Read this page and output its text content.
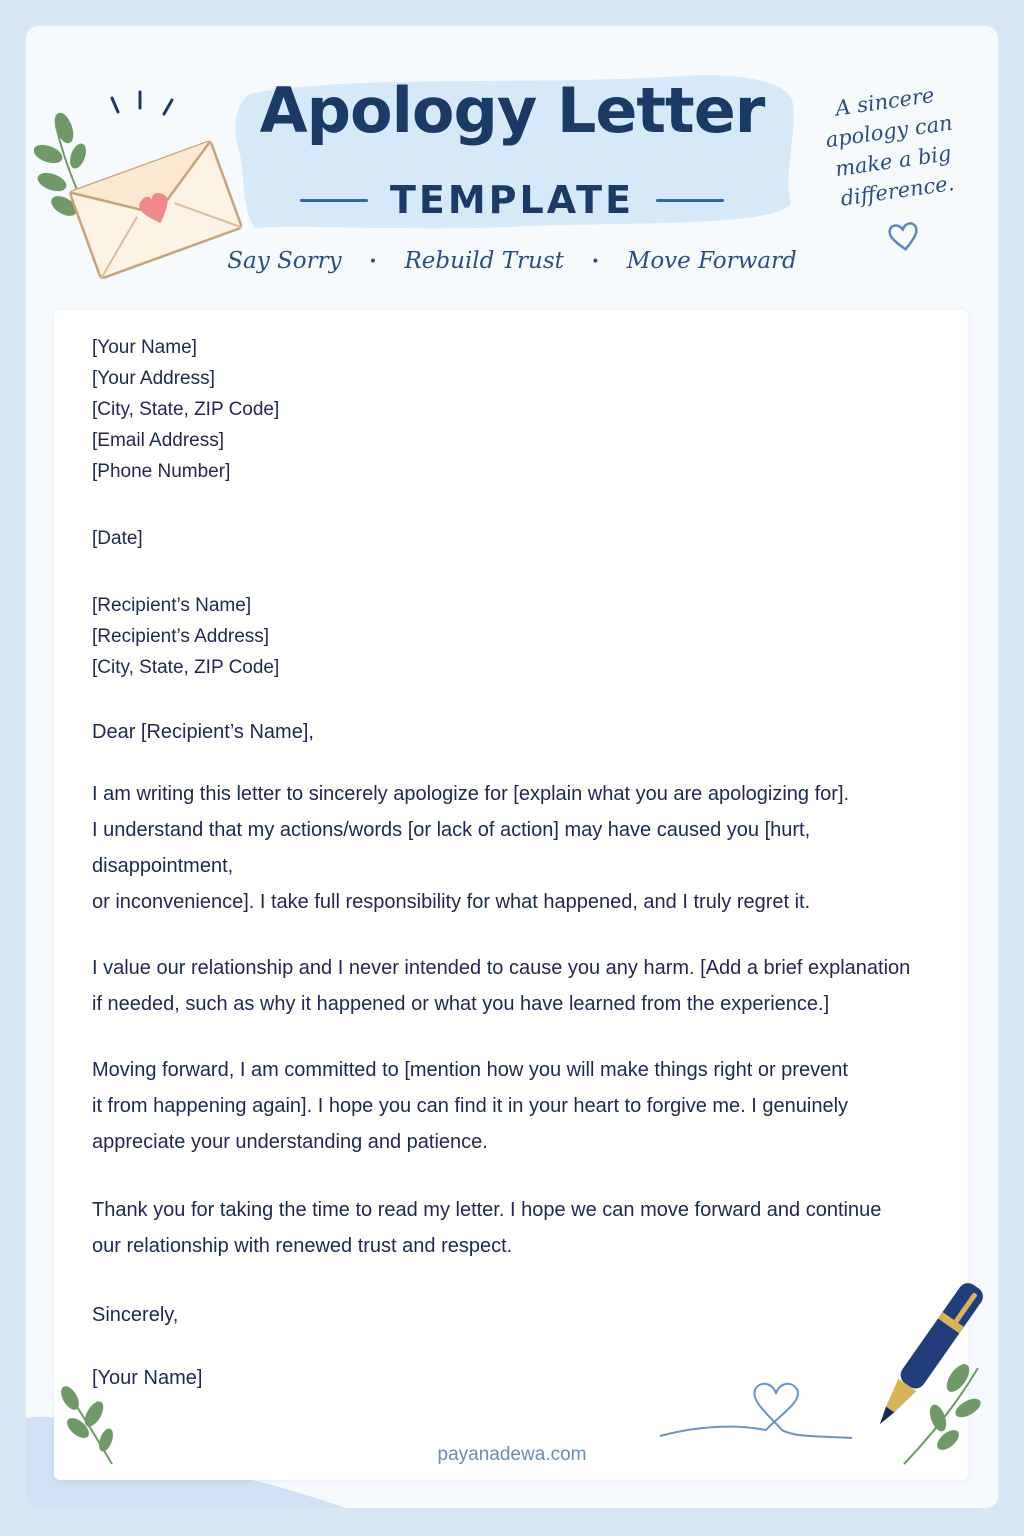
Apology Letter
TEMPLATE
Say Sorry • Rebuild Trust • Move Forward
A sincere
apology can
make a big
difference.

[Your Name]

[Your Address]

[City, State, ZIP Code]

[Email Address]

[Phone Number]

[Date]

[Recipient’s Name]

[Recipient’s Address]

[City, State, ZIP Code]

Dear [Recipient’s Name],

I am writing this letter to sincerely apologize for [explain what you are apologizing for].

I understand that my actions/words [or lack of action] may have caused you [hurt, disappointment,

or inconvenience]. I take full responsibility for what happened, and I truly regret it.

I value our relationship and I never intended to cause you any harm. [Add a brief explanation

if needed, such as why it happened or what you have learned from the experience.]

Moving forward, I am committed to [mention how you will make things right or prevent

it from happening again]. I hope you can find it in your heart to forgive me. I genuinely

appreciate your understanding and patience.

Thank you for taking the time to read my letter. I hope we can move forward and continue

our relationship with renewed trust and respect.

Sincerely,
[Your Name]
payanadewa.com
